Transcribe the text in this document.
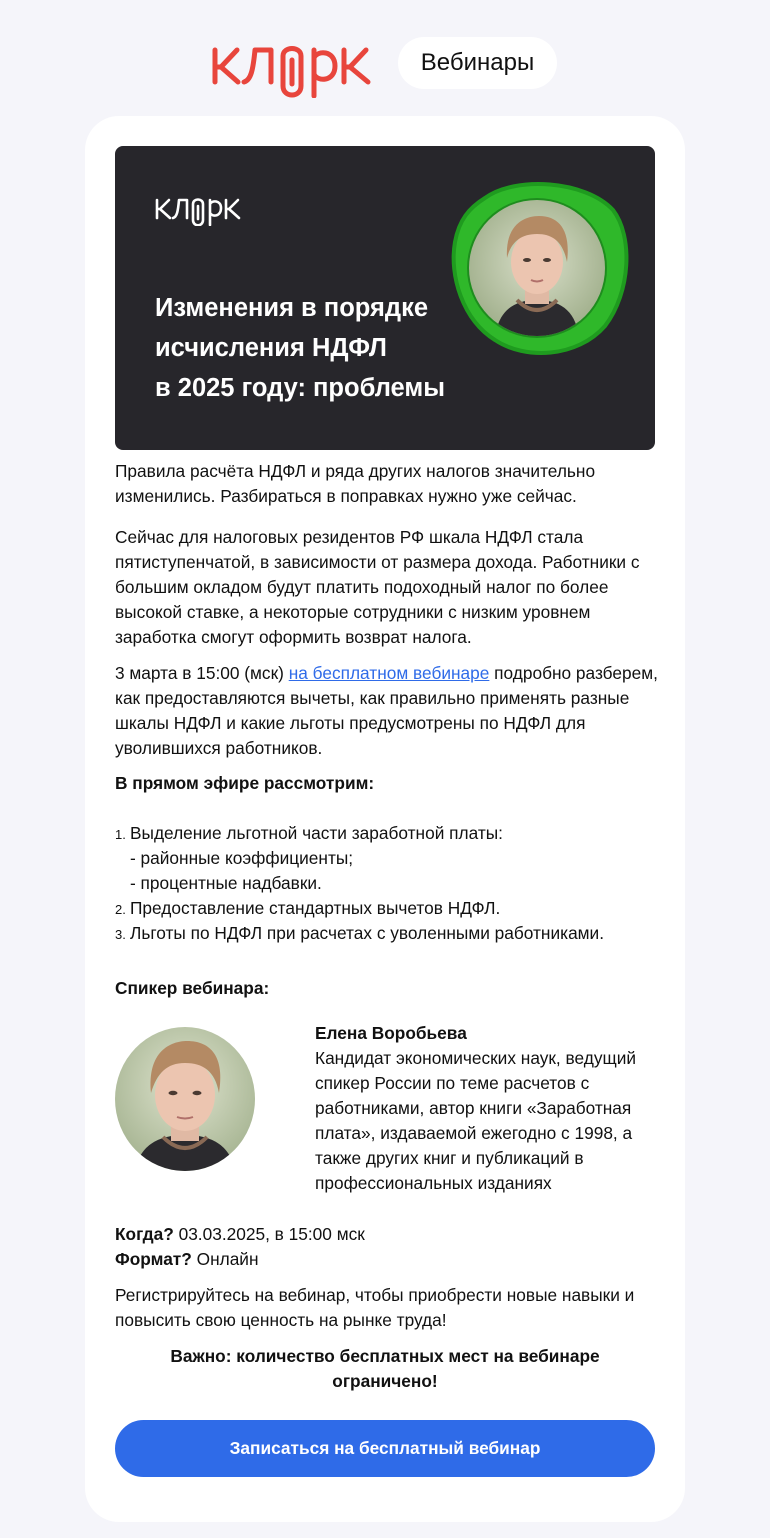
Вебинары
Изменения в порядке
исчисления НДФЛ
в 2025 году: проблемы

Правила расчёта НДФЛ и ряда других налогов значительно изменились. Разбираться в поправках нужно уже сейчас.

Сейчас для налоговых резидентов РФ шкала НДФЛ стала пятиступенчатой, в зависимости от размера дохода. Работники с большим окладом будут платить подоходный налог по более высокой ставке, а некоторые сотрудники с низким уровнем заработка смогут оформить возврат налога.

3 марта в 15:00 (мск) на бесплатном вебинаре подробно разберем, как предоставляются вычеты, как правильно применять разные шкалы НДФЛ и какие льготы предусмотрены по НДФЛ для уволившихся работников.

В прямом эфире рассмотрим:

1. Выделение льготной части заработной платы:
- районные коэффициенты;
- процентные надбавки.
2. Предоставление стандартных вычетов НДФЛ.
3. Льготы по НДФЛ при расчетах с уволенными работниками.

Спикер вебинара:

Елена Воробьева

Кандидат экономических наук, ведущий спикер России по теме расчетов с работниками, автор книги «Заработная плата», издаваемой ежегодно с 1998, а также других книг и публикаций в профессиональных изданиях

Когда? 03.03.2025, в 15:00 мск

Формат? Онлайн

Регистрируйтесь на вебинар, чтобы приобрести новые навыки и повысить свою ценность на рынке труда!

Важно: количество бесплатных мест на вебинаре ограничено!

Записаться на бесплатный вебинар
